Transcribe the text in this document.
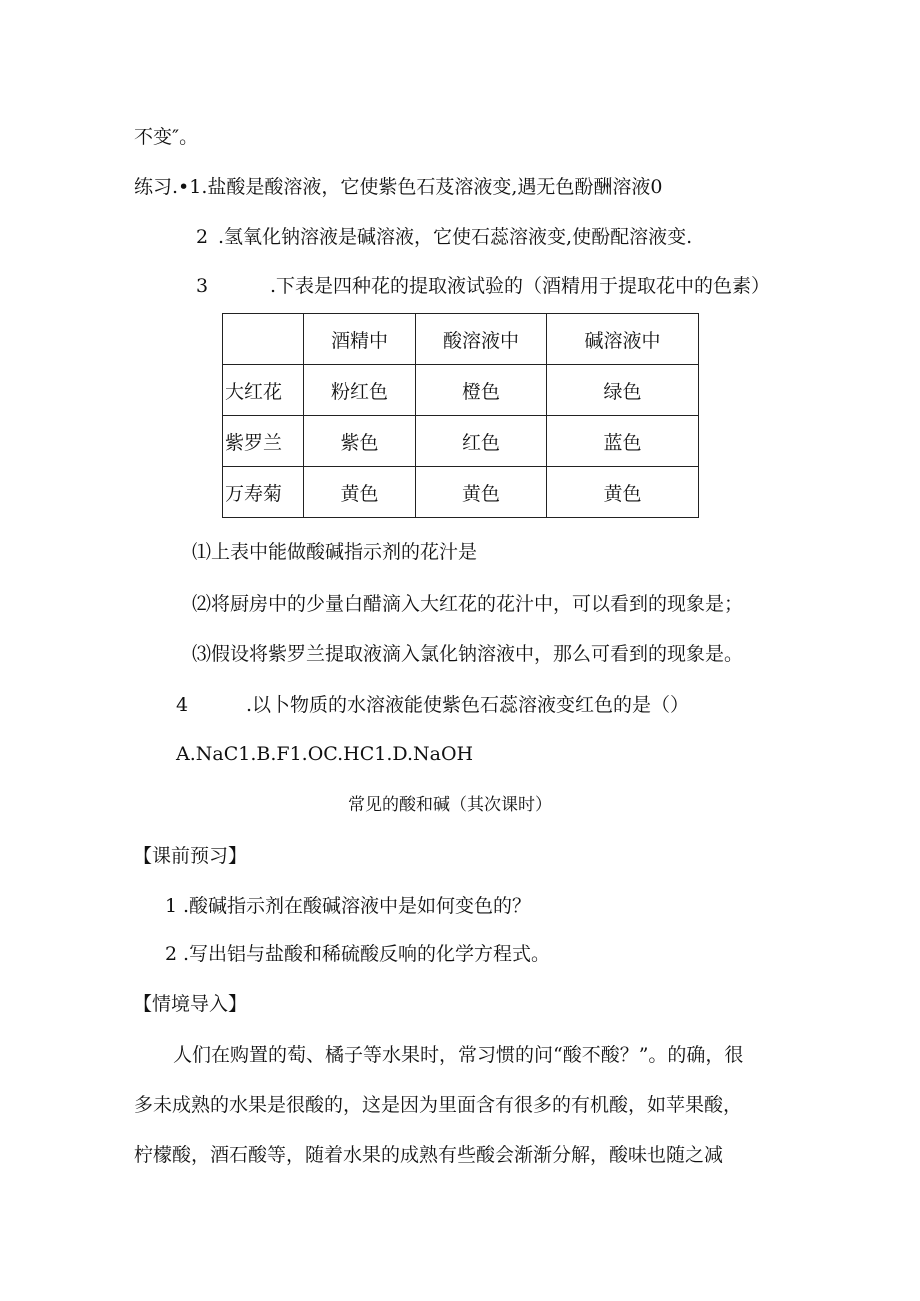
不变″。
练习.•1.盐酸是酸溶液，它使紫色石芨溶液变,遇无色酚酬溶液0
2 .氢氧化钠溶液是碱溶液，它使石蕊溶液变,使酚配溶液变.
3	.下表是四种花的提取液试验的（酒精用于提取花中的色素）
	酒精中	酸溶液中	碱溶液中
大红花	粉红色	橙色	绿色
紫罗兰	紫色	红色	蓝色
万寿菊	黄色	黄色	黄色
⑴上表中能做酸碱指示剂的花汁是
⑵将厨房中的少量白醋滴入大红花的花汁中，可以看到的现象是；
⑶假设将紫罗兰提取液滴入氯化钠溶液中，那么可看到的现象是。
4	.以卜物质的水溶液能使紫色石蕊溶液变红色的是（）
A.NaC1.B.F1.OC.HC1.D.NaOH
常见的酸和碱（其次课时）
【课前预习】
1 .酸碱指示剂在酸碱溶液中是如何变色的？
2 .写出铝与盐酸和稀硫酸反响的化学方程式。
【情境导入】
人们在购置的萄、橘子等水果时，常习惯的问“酸不酸？”。的确，很
多未成熟的水果是很酸的，这是因为里面含有很多的有机酸，如苹果酸，
柠檬酸，酒石酸等，随着水果的成熟有些酸会渐渐分解，酸味也随之减
